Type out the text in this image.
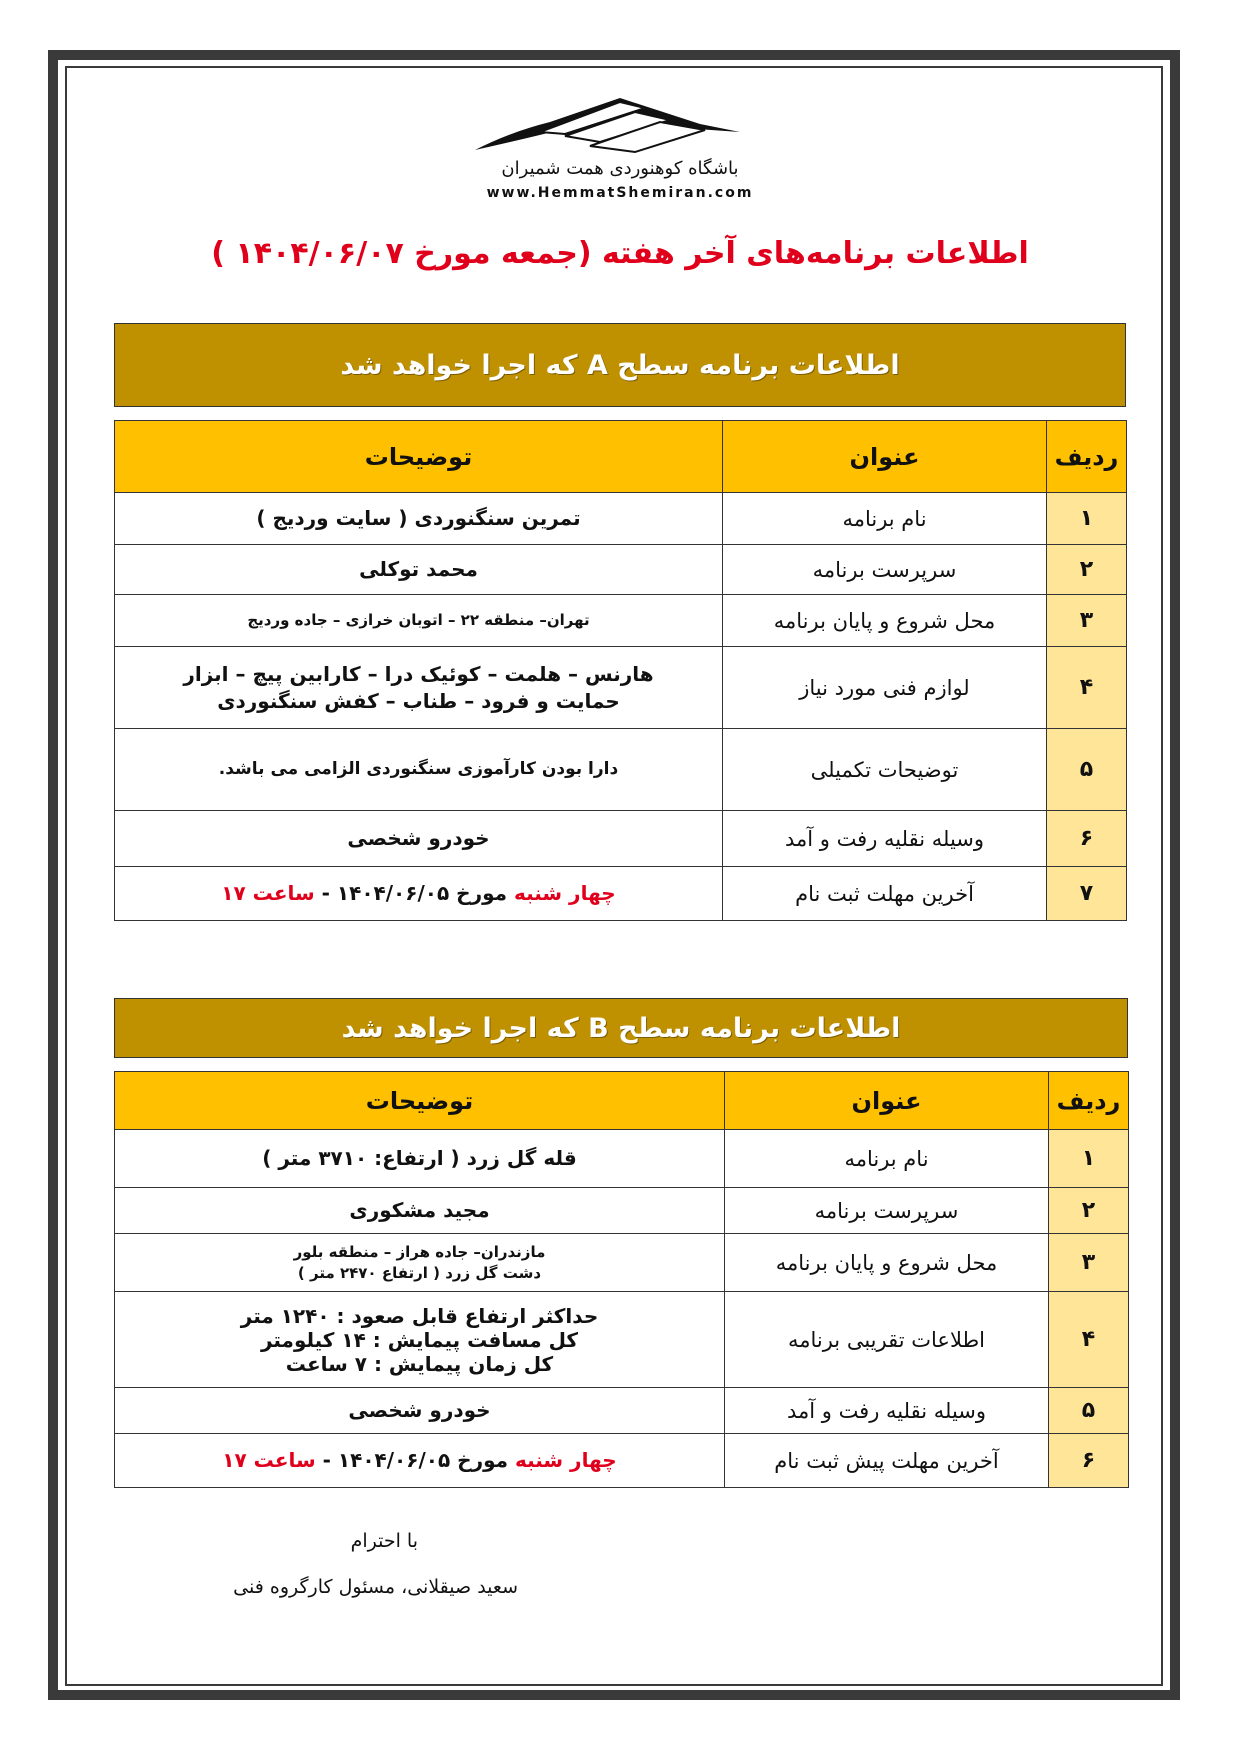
باشگاه کوهنوردی همت شمیران
www.HemmatShemiran.com
اطلاعات برنامه‌های آخر هفته (جمعه مورخ ۱۴۰۴/۰۶/۰۷ )
اطلاعات برنامه سطح A که اجرا خواهد شد
ردیف	عنوان	توضیحات
۱	نام برنامه	تمرین سنگنوردی ( سایت وردیج )
۲	سرپرست برنامه	محمد توکلی
۳	محل شروع و پایان برنامه	تهران– منطقه ۲۲ – اتوبان خرازی – جاده وردیج
۴	لوازم فنی مورد نیاز	هارنس – هلمت – کوئیک درا – کارابین پیچ – ابزار
حمایت و فرود – طناب – کفش سنگنوردی

۵	توضیحات تکمیلی	دارا بودن کارآموزی سنگنوردی الزامی می باشد.
۶	وسیله نقلیه رفت و آمد	خودرو شخصی
۷	آخرین مهلت ثبت نام	چهار شنبه مورخ ۱۴۰۴/۰۶/۰۵ - ساعت ۱۷
اطلاعات برنامه سطح B که اجرا خواهد شد
ردیف	عنوان	توضیحات
۱	نام برنامه	قله گل زرد ( ارتفاع: ۳۷۱۰ متر )
۲	سرپرست برنامه	مجید مشکوری
۳	محل شروع و پایان برنامه	مازندران– جاده هراز – منطقه بلور
دشت گل زرد ( ارتفاع ۲۴۷۰ متر )

۴	اطلاعات تقریبی برنامه	حداکثر ارتفاع قابل صعود : ۱۲۴۰ متر
کل مسافت پیمایش : ۱۴ کیلومتر
کل زمان پیمایش : ۷ ساعت

۵	وسیله نقلیه رفت و آمد	خودرو شخصی
۶	آخرین مهلت پیش ثبت نام	چهار شنبه مورخ ۱۴۰۴/۰۶/۰۵ - ساعت ۱۷
با احترام
سعید صیقلانی، مسئول کارگروه فنی
